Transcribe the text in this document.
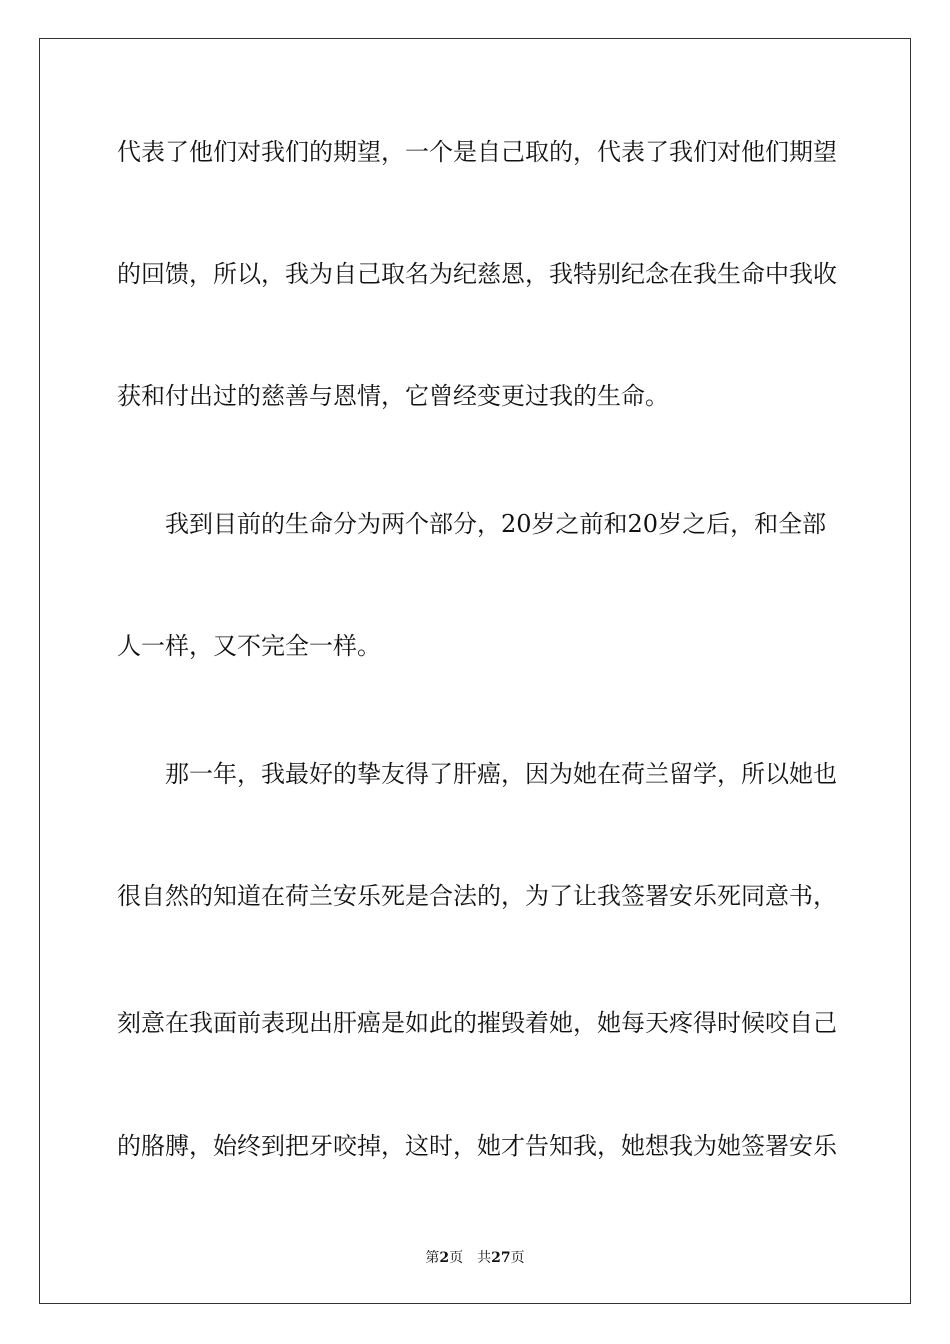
代表了他们对我们的期望，一个是自己取的，代表了我们对他们期望
的回馈，所以，我为自己取名为纪慈恩，我特别纪念在我生命中我收
获和付出过的慈善与恩情，它曾经变更过我的生命。
我到目前的生命分为两个部分，20岁之前和20岁之后，和全部
人一样，又不完全一样。
那一年，我最好的挚友得了肝癌，因为她在荷兰留学，所以她也
很自然的知道在荷兰安乐死是合法的，为了让我签署安乐死同意书，
刻意在我面前表现出肝癌是如此的摧毁着她，她每天疼得时候咬自己
的胳膊，始终到把牙咬掉，这时，她才告知我，她想我为她签署安乐
第2页 共27页
